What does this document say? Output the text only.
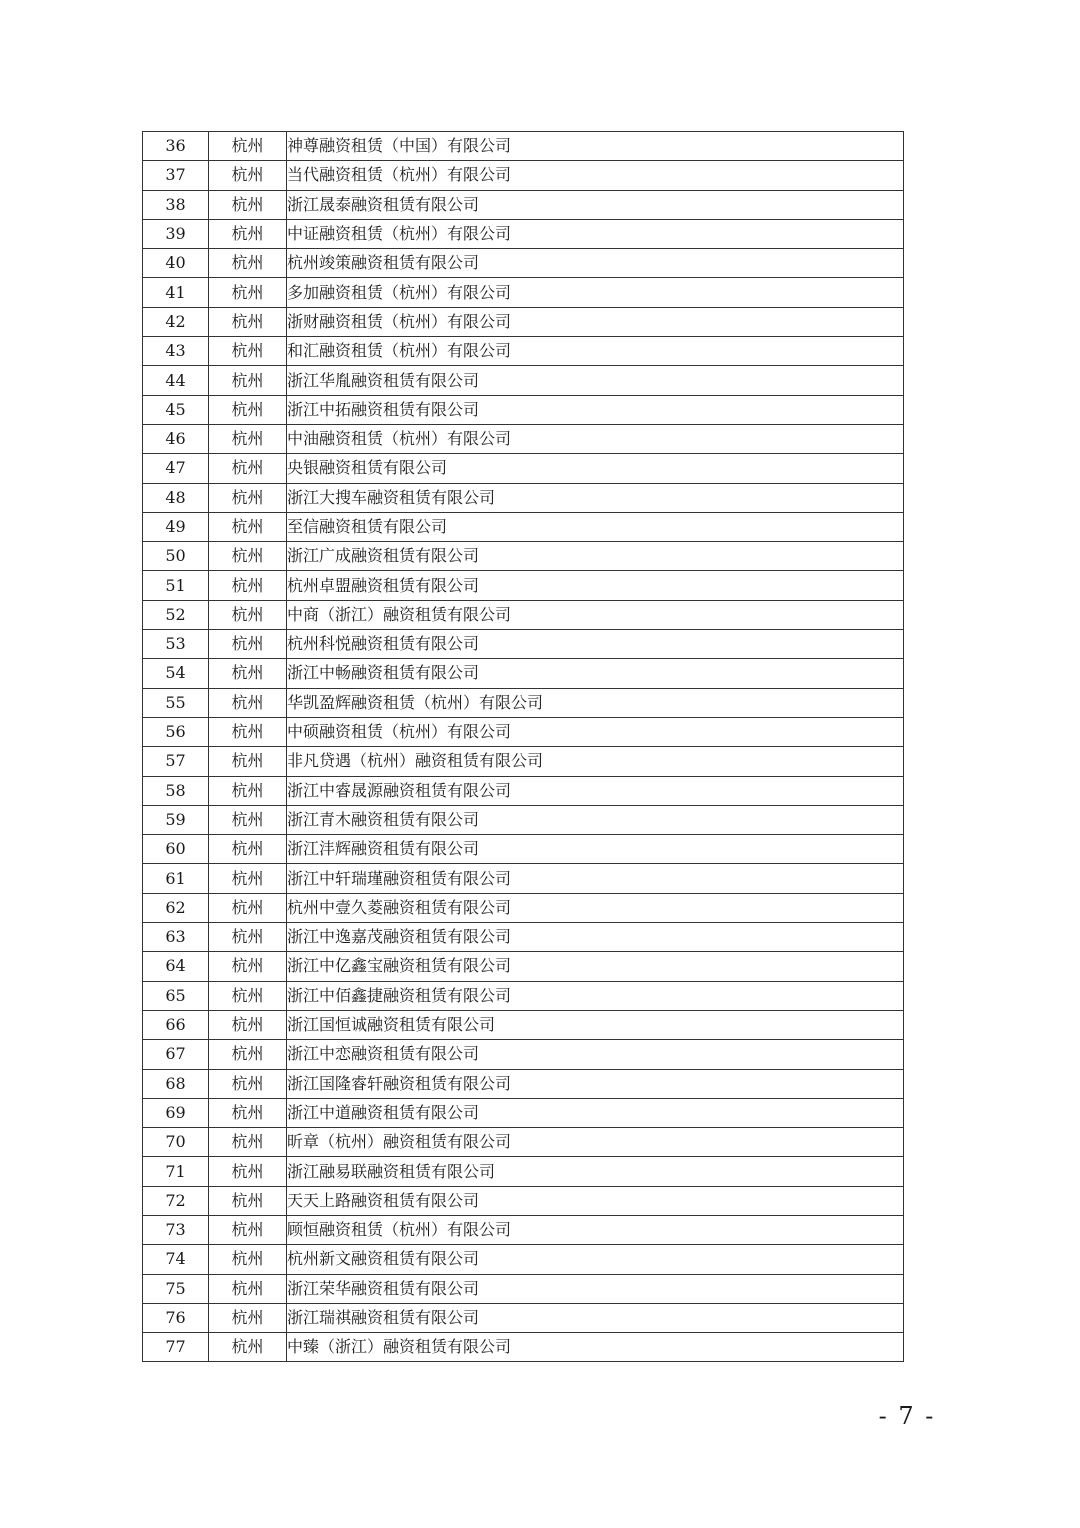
36	杭州	神尊融资租赁（中国）有限公司
37	杭州	当代融资租赁（杭州）有限公司
38	杭州	浙江晟泰融资租赁有限公司
39	杭州	中证融资租赁（杭州）有限公司
40	杭州	杭州竣策融资租赁有限公司
41	杭州	多加融资租赁（杭州）有限公司
42	杭州	浙财融资租赁（杭州）有限公司
43	杭州	和汇融资租赁（杭州）有限公司
44	杭州	浙江华胤融资租赁有限公司
45	杭州	浙江中拓融资租赁有限公司
46	杭州	中油融资租赁（杭州）有限公司
47	杭州	央银融资租赁有限公司
48	杭州	浙江大搜车融资租赁有限公司
49	杭州	至信融资租赁有限公司
50	杭州	浙江广成融资租赁有限公司
51	杭州	杭州卓盟融资租赁有限公司
52	杭州	中商（浙江）融资租赁有限公司
53	杭州	杭州科悦融资租赁有限公司
54	杭州	浙江中畅融资租赁有限公司
55	杭州	华凯盈辉融资租赁（杭州）有限公司
56	杭州	中硕融资租赁（杭州）有限公司
57	杭州	非凡贷遇（杭州）融资租赁有限公司
58	杭州	浙江中睿晟源融资租赁有限公司
59	杭州	浙江青木融资租赁有限公司
60	杭州	浙江沣辉融资租赁有限公司
61	杭州	浙江中轩瑞瑾融资租赁有限公司
62	杭州	杭州中壹久菱融资租赁有限公司
63	杭州	浙江中逸嘉茂融资租赁有限公司
64	杭州	浙江中亿鑫宝融资租赁有限公司
65	杭州	浙江中佰鑫捷融资租赁有限公司
66	杭州	浙江国恒诚融资租赁有限公司
67	杭州	浙江中恋融资租赁有限公司
68	杭州	浙江国隆睿轩融资租赁有限公司
69	杭州	浙江中道融资租赁有限公司
70	杭州	昕章（杭州）融资租赁有限公司
71	杭州	浙江融易联融资租赁有限公司
72	杭州	天天上路融资租赁有限公司
73	杭州	顾恒融资租赁（杭州）有限公司
74	杭州	杭州新文融资租赁有限公司
75	杭州	浙江荣华融资租赁有限公司
76	杭州	浙江瑞祺融资租赁有限公司
77	杭州	中臻（浙江）融资租赁有限公司
- 7 -
